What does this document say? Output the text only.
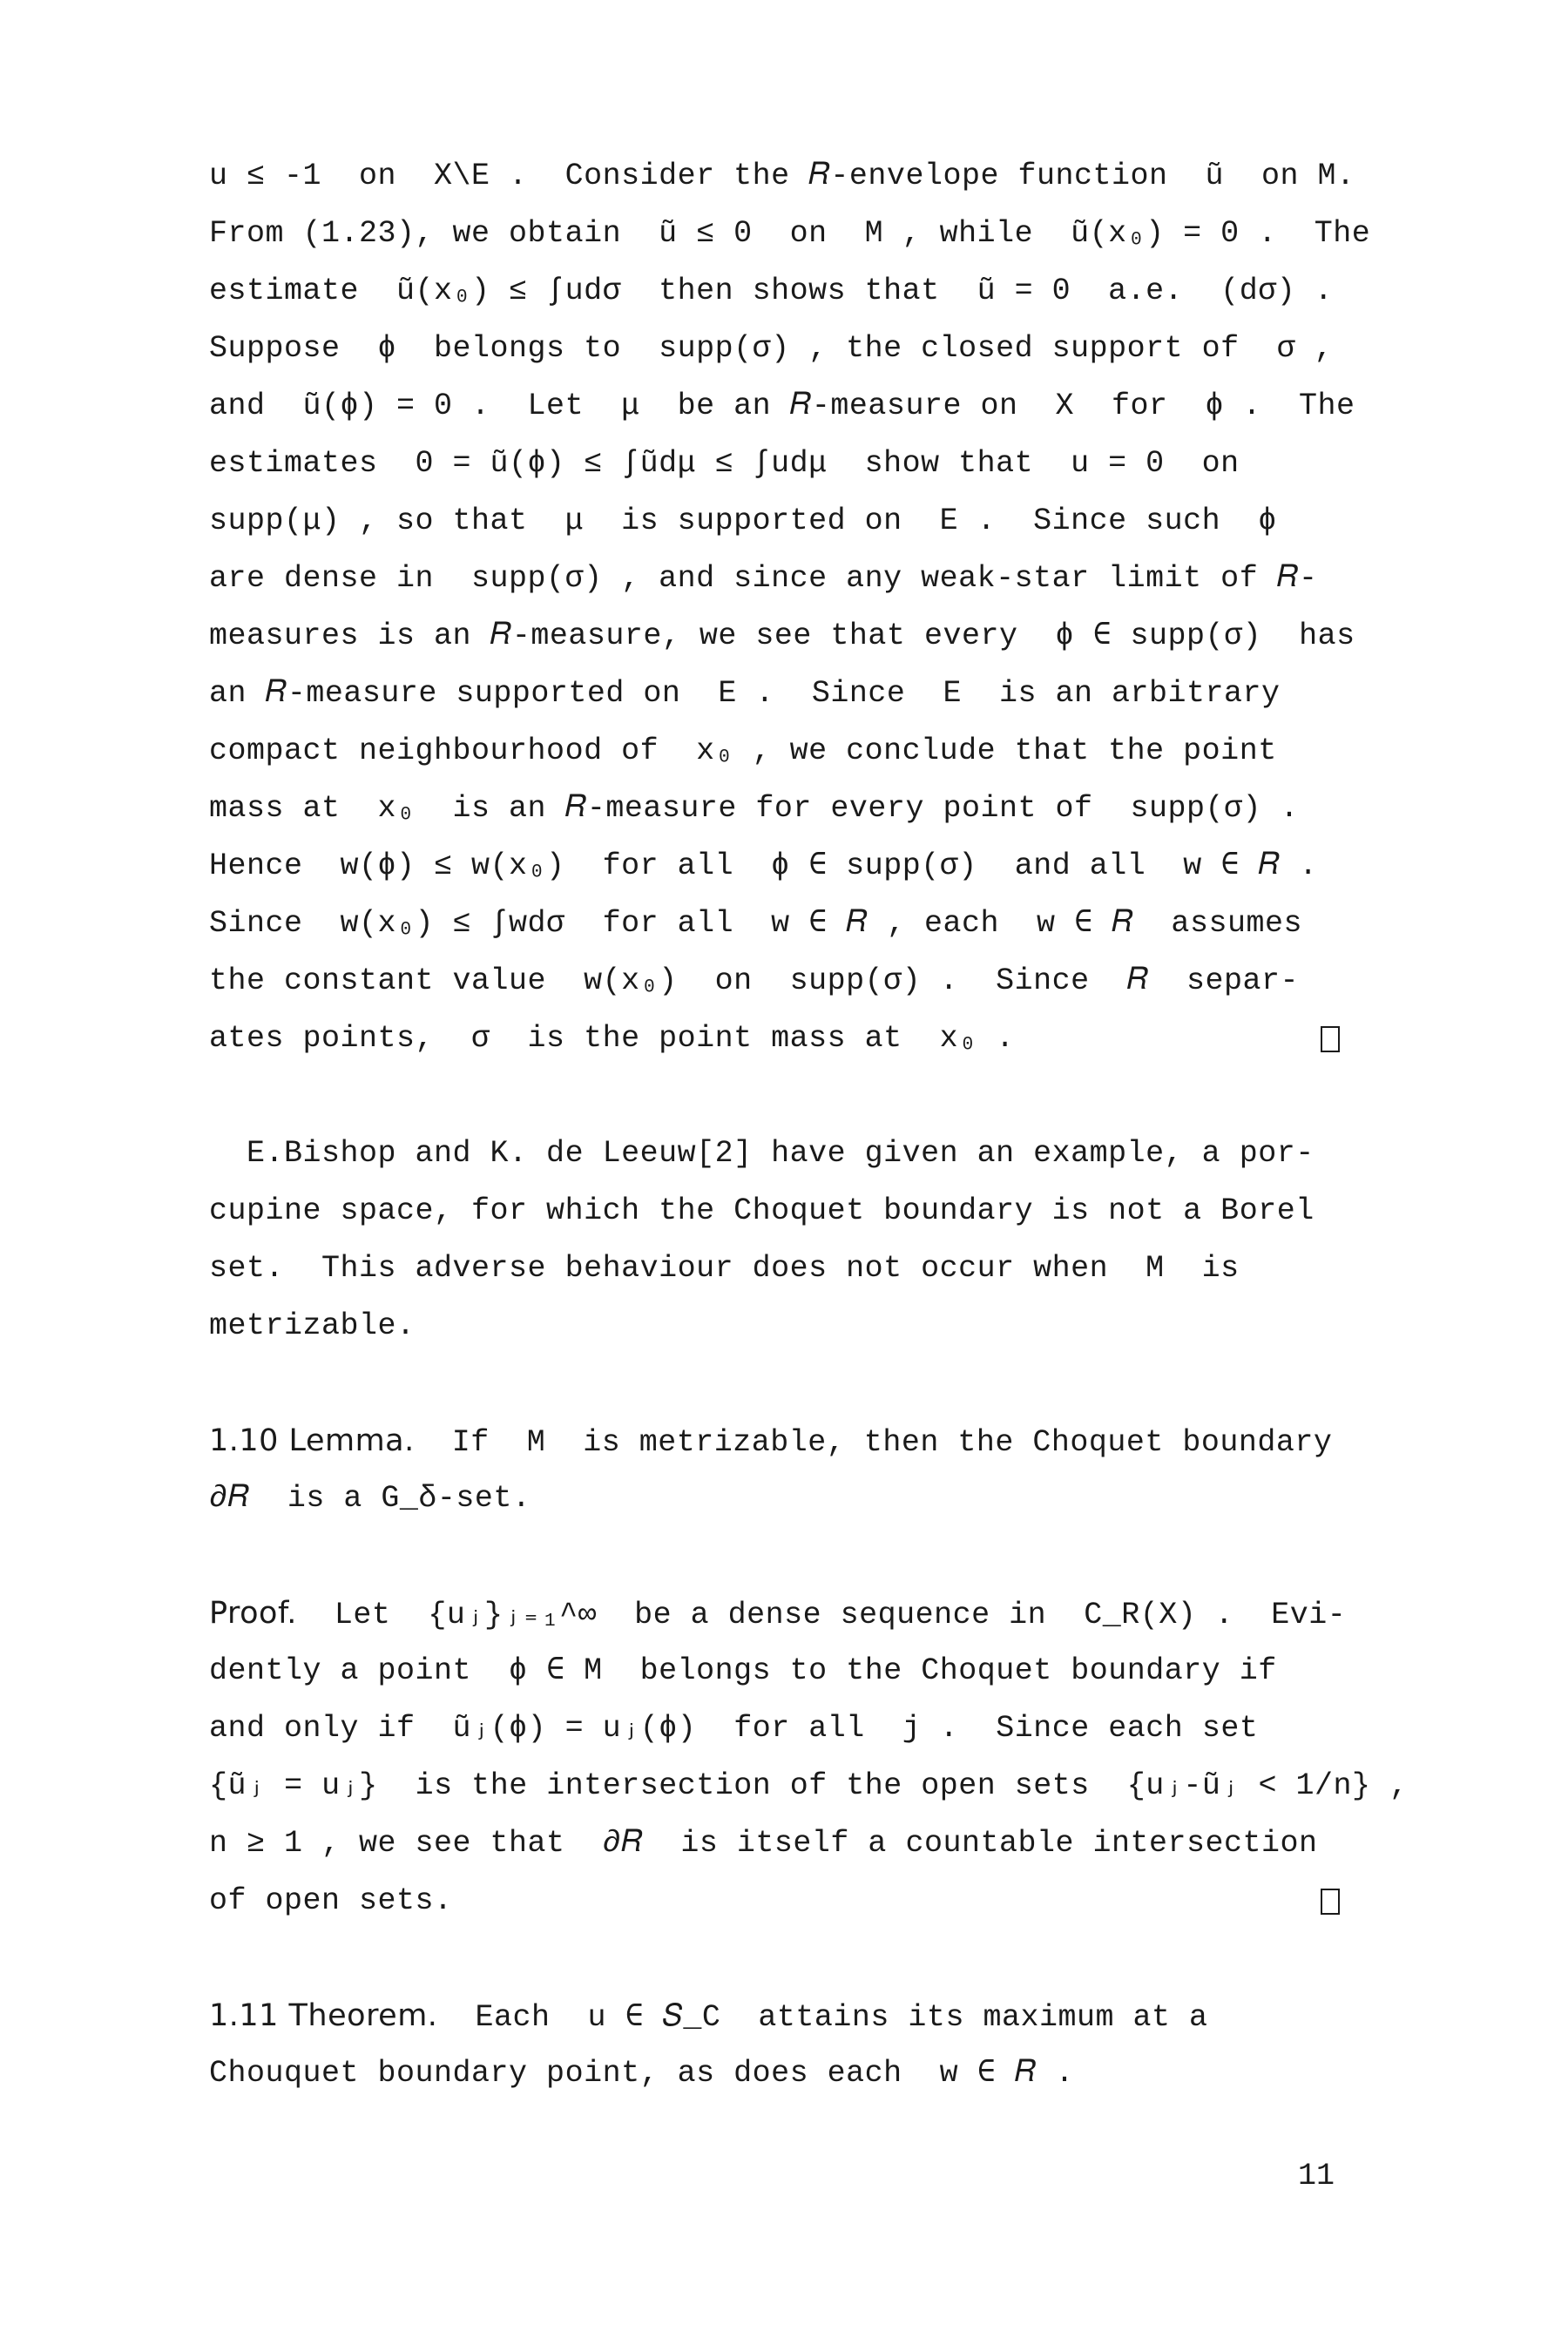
u ≤ -1  on  X\E .  Consider the 𝑅-envelope function  ũ  on M.
From (1.23), we obtain  ũ ≤ 0  on  M , while  ũ(x₀) = 0 .  The
estimate  ũ(x₀) ≤ ∫udσ  then shows that  ũ = 0  a.e.  (dσ) .
Suppose  ϕ  belongs to  supp(σ) , the closed support of  σ ,
and  ũ(ϕ) = 0 .  Let  μ  be an 𝑅-measure on  X  for  ϕ .  The
estimates  0 = ũ(ϕ) ≤ ∫ũdμ ≤ ∫udμ  show that  u = 0  on
supp(μ) , so that  μ  is supported on  E .  Since such  ϕ
are dense in  supp(σ) , and since any weak-star limit of 𝑅-
measures is an 𝑅-measure, we see that every  ϕ ∈ supp(σ)  has
an 𝑅-measure supported on  E .  Since  E  is an arbitrary
compact neighbourhood of  x₀ , we conclude that the point
mass at  x₀  is an 𝑅-measure for every point of  supp(σ) .
Hence  w(ϕ) ≤ w(x₀)  for all  ϕ ∈ supp(σ)  and all  w ∈ 𝑅 .
Since  w(x₀) ≤ ∫wdσ  for all  w ∈ 𝑅 , each  w ∈ 𝑅  assumes
the constant value  w(x₀)  on  supp(σ) .  Since  𝑅  separ-
ates points,  σ  is the point mass at  x₀ .
E.Bishop and K. de Leeuw[2] have given an example, a por-
cupine space, for which the Choquet boundary is not a Borel
set.  This adverse behaviour does not occur when  M  is
metrizable.
1.10 Lemma.  If  M  is metrizable, then the Choquet boundary
∂𝑅  is a G_δ-set.
Proof.  Let  {uⱼ}ⱼ₌₁^∞  be a dense sequence in  C_R(X) .  Evi-
dently a point  ϕ ∈ M  belongs to the Choquet boundary if
and only if  ũⱼ(ϕ) = uⱼ(ϕ)  for all  j .  Since each set
{ũⱼ = uⱼ}  is the intersection of the open sets  {uⱼ-ũⱼ < 1/n} ,
n ≥ 1 , we see that  ∂𝑅  is itself a countable intersection
of open sets.
1.11 Theorem.  Each  u ∈ 𝑆_C  attains its maximum at a
Chouquet boundary point, as does each  w ∈ 𝑅 .
11
